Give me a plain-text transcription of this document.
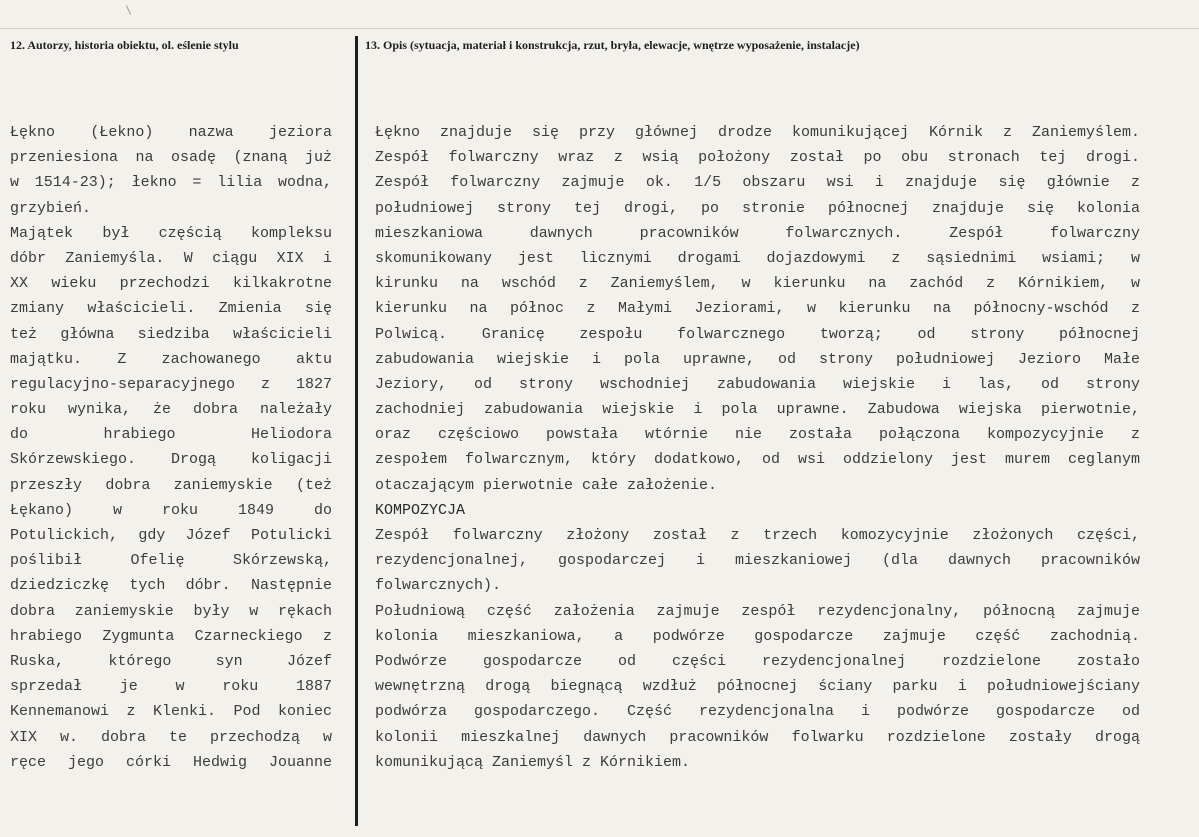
12. Autorzy, historia obiektu, ol. eślenie stylu	13. Opis (sytuacja, materiał i konstrukcja, rzut, bryła, elewacje, wnętrze wyposażenie, instalacje)
Łękno (Łekno) nazwa jeziora
przeniesiona na osadę (znaną już
w 1514-23); łekno = lilia wodna,
grzybień.
Majątek był częścią kompleksu
dóbr Zaniemyśla. W ciągu XIX i
XX wieku przechodzi kilkakrotne
zmiany właścicieli. Zmienia się
też główna siedziba właścicieli
majątku. Z zachowanego aktu
regulacyjno-separacyjnego z 1827
roku wynika, że dobra należały
do hrabiego Heliodora
Skórzewskiego. Drogą koligacji
przeszły dobra zaniemyskie (też
Łękano) w roku 1849 do
Potulickich, gdy Józef Potulicki
poślibił Ofelię Skórzewską,
dziedziczkę tych dóbr. Następnie
dobra zaniemyskie były w rękach
hrabiego Zygmunta Czarneckiego z
Ruska, którego syn Józef
sprzedał je w roku 1887
Kennemanowi z Klenki. Pod koniec
XIX w. dobra te przechodzą w
ręce jego córki Hedwig Jouanne
Łękno znajduje się przy głównej drodze komunikującej Kórnik z Zaniemyślem.
Zespół folwarczny wraz z wsią położony został po obu stronach tej drogi.
Zespół folwarczny zajmuje ok. 1/5 obszaru wsi i znajduje się głównie z
południowej strony tej drogi, po stronie północnej znajduje się kolonia
mieszkaniowa dawnych pracowników folwarcznych. Zespół folwarczny
skomunikowany jest licznymi drogami dojazdowymi z sąsiednimi wsiami; w
kirunku na wschód z Zaniemyślem, w kierunku na zachód z Kórnikiem, w
kierunku na północ z Małymi Jeziorami, w kierunku na północny-wschód z
Polwicą. Granicę zespołu folwarcznego tworzą; od strony północnej
zabudowania wiejskie i pola uprawne, od strony południowej Jezioro Małe
Jeziory, od strony wschodniej zabudowania wiejskie i las, od strony
zachodniej zabudowania wiejskie i pola uprawne. Zabudowa wiejska pierwotnie,
oraz częściowo powstała wtórnie nie została połączona kompozycyjnie z
zespołem folwarcznym, który dodatkowo, od wsi oddzielony jest murem ceglanym
otaczającym pierwotnie całe założenie.
KOMPOZYCJA
Zespół folwarczny złożony został z trzech komozycyjnie złożonych części,
rezydencjonalnej, gospodarczej i mieszkaniowej (dla dawnych pracowników
folwarcznych).
Południową część założenia zajmuje zespół rezydencjonalny, północną zajmuje
kolonia mieszkaniowa, a podwórze gospodarcze zajmuje część zachodnią.
Podwórze gospodarcze od części rezydencjonalnej rozdzielone zostało
wewnętrzną drogą biegnącą wzdłuż północnej ściany parku i południowejściany
podwórza gospodarczego. Część rezydencjonalna i podwórze gospodarcze od
kolonii mieszkalnej dawnych pracowników folwarku rozdzielone zostały drogą
komunikującą Zaniemyśl z Kórnikiem.
